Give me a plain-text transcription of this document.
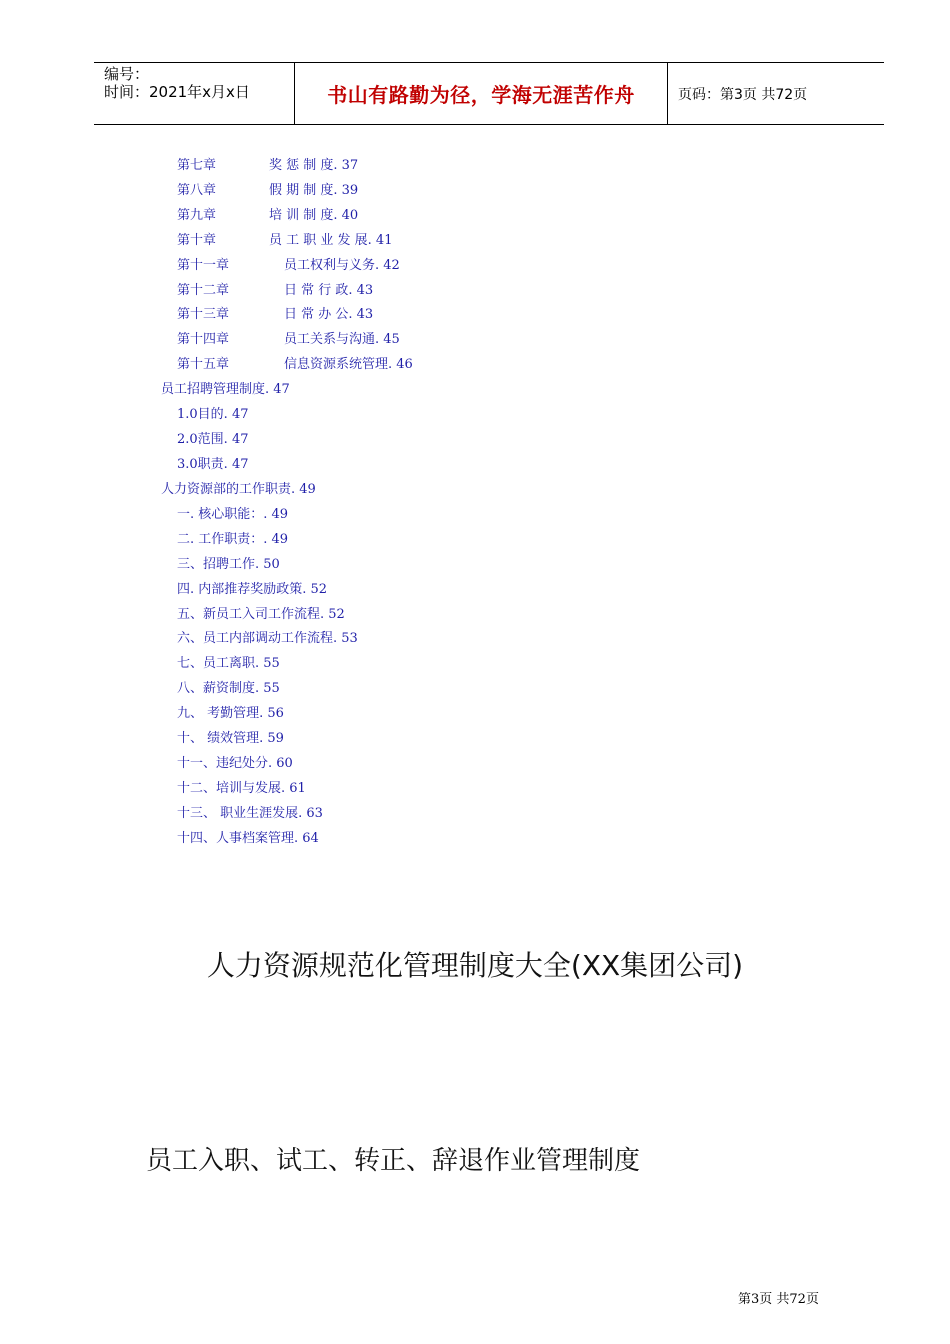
编号：
时间：2021年x月x日	书山有路勤为径，学海无涯苦作舟	页码：第3页 共72页
第七章	奖 惩 制 度. 37
第八章	假 期 制 度. 39
第九章	培 训 制 度. 40
第十章	员 工 职 业 发 展. 41
第十一章	员工权利与义务. 42
第十二章	日 常 行 政. 43
第十三章	日 常 办 公. 43
第十四章	员工关系与沟通. 45
第十五章	信息资源系统管理. 46
员工招聘管理制度. 47
1.0目的. 47
2.0范围. 47
3.0职责. 47
人力资源部的工作职责. 49
一. 核心职能：. 49
二. 工作职责：. 49
三、招聘工作. 50
四. 内部推荐奖励政策. 52
五、新员工入司工作流程. 52
六、员工内部调动工作流程. 53
七、员工离职. 55
八、薪资制度. 55
九、 考勤管理. 56
十、 绩效管理. 59
十一、违纪处分. 60
十二、培训与发展. 61
十三、 职业生涯发展. 63
十四、人事档案管理. 64
人力资源规范化管理制度大全(XX集团公司)
员工入职、试工、转正、辞退作业管理制度
第3页 共72页
